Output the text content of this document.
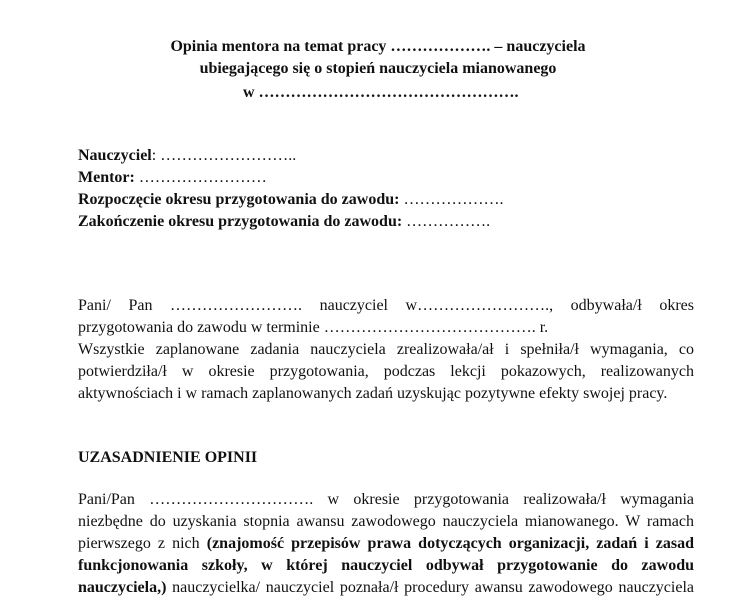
Opinia mentora na temat pracy ………………. – nauczyciela
ubiegającego się o stopień nauczyciela mianowanego
w ………………………………………….
Nauczyciel: ……………………..
Mentor: ……………………
Rozpoczęcie okresu przygotowania do zawodu: ……………….
Zakończenie okresu przygotowania do zawodu: …………….
Pani/ Pan ……………………. nauczyciel w……………………., odbywała/ł okres
przygotowania do zawodu w terminie …………………………………. r.
Wszystkie zaplanowane zadania nauczyciela zrealizowała/ał i spełniła/ł wymagania, co
potwierdziła/ł w okresie przygotowania, podczas lekcji pokazowych, realizowanych
aktywnościach i w ramach zaplanowanych zadań uzyskując pozytywne efekty swojej pracy.
UZASADNIENIE OPINII
Pani/Pan …………………………. w okresie przygotowania realizowała/ł wymagania
niezbędne do uzyskania stopnia awansu zawodowego nauczyciela mianowanego. W ramach
pierwszego z nich (znajomość przepisów prawa dotyczących organizacji, zadań i zasad
funkcjonowania szkoły, w której nauczyciel odbywał przygotowanie do zawodu
nauczyciela,) nauczycielka/ nauczyciel poznała/ł procedury awansu zawodowego nauczyciela
